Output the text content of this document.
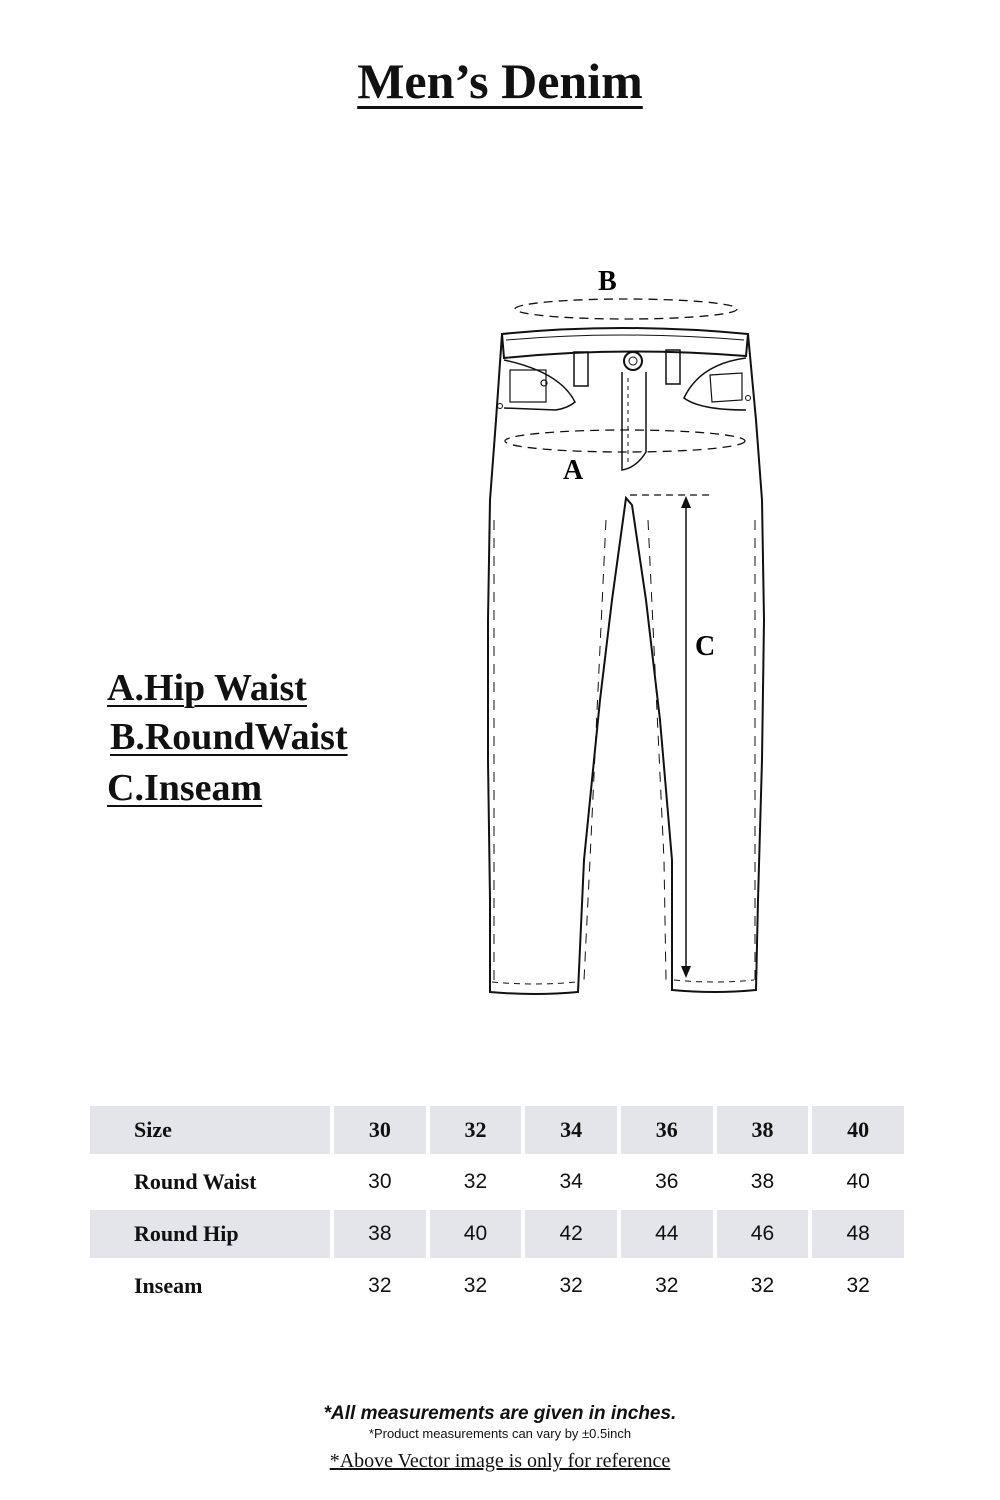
Men’s Denim
B
A
C
A.Hip Waist
B.RoundWaist
C.Inseam
Size	30	32	34	36	38	40
Round Waist	30	32	34	36	38	40
Round Hip	38	40	42	44	46	48
Inseam	32	32	32	32	32	32
*All measurements are given in inches.
*Product measurements can vary by ±0.5inch
*Above Vector image is only for reference
